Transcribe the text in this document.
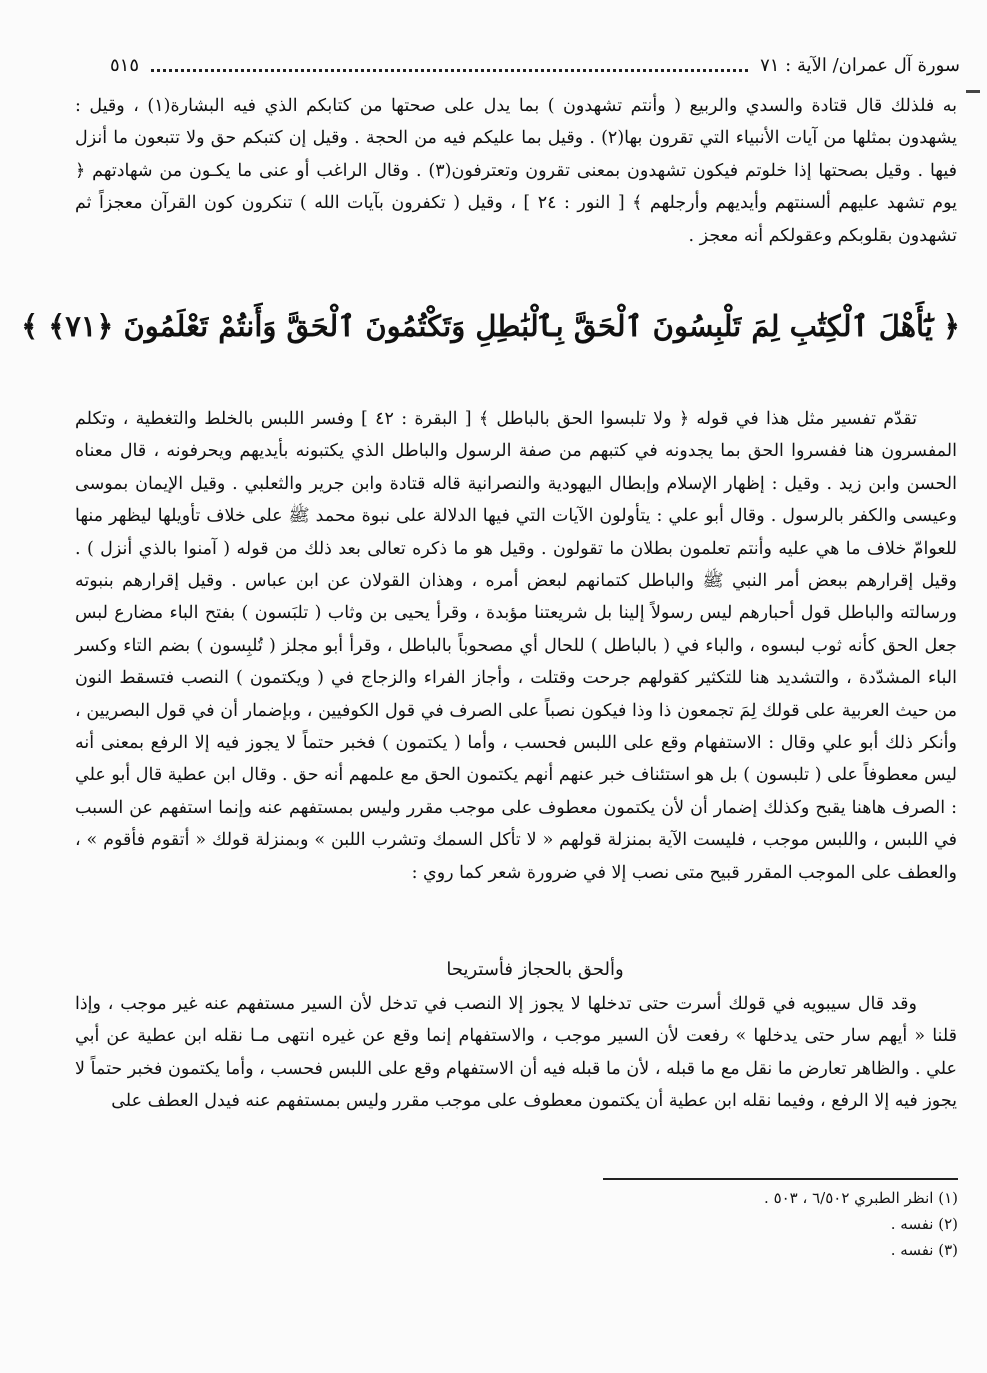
سورة آل عمران/ الآية : ٧١
٥١٥

به فلذلك قال قتادة والسدي والربيع ( وأنتم تشهدون ) بما يدل على صحتها من كتابكم الذي فيه البشارة(١) ، وقيل : يشهدون بمثلها من آيات الأنبياء التي تقرون بها(٢) . وقيل بما عليكم فيه من الحجة . وقيل إن كتبكم حق ولا تتبعون ما أنزل فيها . وقيل بصحتها إذا خلوتم فيكون تشهدون بمعنى تقرون وتعترفون(٣) . وقال الراغب أو عنى ما يكـون من شهادتهم ﴿ يوم تشهد عليهم ألسنتهم وأيديهم وأرجلهم ﴾ [ النور : ٢٤ ] ، وقيل ( تكفرون بآيات الله ) تنكرون كون القرآن معجزاً ثم تشهدون بقلوبكم وعقولكم أنه معجز .

﴿ يَٰٓأَهْلَ ٱلْكِتَٰبِ لِمَ تَلْبِسُونَ ٱلْحَقَّ بِٱلْبَٰطِلِ وَتَكْتُمُونَ ٱلْحَقَّ وَأَنتُمْ تَعْلَمُونَ ﴿٧١﴾ ﴾

تقدّم تفسير مثل هذا في قوله ﴿ ولا تلبسوا الحق بالباطل ﴾ [ البقرة : ٤٢ ] وفسر اللبس بالخلط والتغطية ، وتكلم المفسرون هنا ففسروا الحق بما يجدونه في كتبهم من صفة الرسول والباطل الذي يكتبونه بأيديهم ويحرفونه ، قال معناه الحسن وابن زيد . وقيل : إظهار الإسلام وإبطال اليهودية والنصرانية قاله قتادة وابن جرير والثعلبي . وقيل الإيمان بموسى وعيسى والكفر بالرسول . وقال أبو علي : يتأولون الآيات التي فيها الدلالة على نبوة محمد ﷺ على خلاف تأويلها ليظهر منها للعوامّ خلاف ما هي عليه وأنتم تعلمون بطلان ما تقولون . وقيل هو ما ذكره تعالى بعد ذلك من قوله ( آمنوا بالذي أنزل ) . وقيل إقرارهم ببعض أمر النبي ﷺ والباطل كتمانهم لبعض أمره ، وهذان القولان عن ابن عباس . وقيل إقرارهم بنبوته ورسالته والباطل قول أحبارهم ليس رسولاً إلينا بل شريعتنا مؤبدة ، وقرأ يحيى بن وثاب ( تلبَسون ) بفتح الباء مضارع لبس جعل الحق كأنه ثوب لبسوه ، والباء في ( بالباطل ) للحال أي مصحوباً بالباطل ، وقرأ أبو مجلز ( تُلبِسون ) بضم التاء وكسر الباء المشدّدة ، والتشديد هنا للتكثير كقولهم جرحت وقتلت ، وأجاز الفراء والزجاج في ( ويكتمون ) النصب فتسقط النون من حيث العربية على قولك لِمَ تجمعون ذا وذا فيكون نصباً على الصرف في قول الكوفيين ، وبإضمار أن في قول البصريين ، وأنكر ذلك أبو علي وقال : الاستفهام وقع على اللبس فحسب ، وأما ( يكتمون ) فخبر حتماً لا يجوز فيه إلا الرفع بمعنى أنه ليس معطوفاً على ( تلبسون ) بل هو استئناف خبر عنهم أنهم يكتمون الحق مع علمهم أنه حق . وقال ابن عطية قال أبو علي : الصرف هاهنا يقبح وكذلك إضمار أن لأن يكتمون معطوف على موجب مقرر وليس بمستفهم عنه وإنما استفهم عن السبب في اللبس ، واللبس موجب ، فليست الآية بمنزلة قولهم « لا تأكل السمك وتشرب اللبن » وبمنزلة قولك « أتقوم فأقوم » ، والعطف على الموجب المقرر قبيح متى نصب إلا في ضرورة شعر كما روي :

وألحق بالحجاز فأستريحا

وقد قال سيبويه في قولك أسرت حتى تدخلها لا يجوز إلا النصب في تدخل لأن السير مستفهم عنه غير موجب ، وإذا قلنا « أيهم سار حتى يدخلها » رفعت لأن السير موجب ، والاستفهام إنما وقع عن غيره انتهى مـا نقله ابن عطية عن أبي علي . والظاهر تعارض ما نقل مع ما قبله ، لأن ما قبله فيه أن الاستفهام وقع على اللبس فحسب ، وأما يكتمون فخبر حتماً لا يجوز فيه إلا الرفع ، وفيما نقله ابن عطية أن يكتمون معطوف على موجب مقرر وليس بمستفهم عنه فيدل العطف على

(١) انظر الطبري ٦/٥٠٢ ، ٥٠٣ .
(٢) نفسه .
(٣) نفسه .
